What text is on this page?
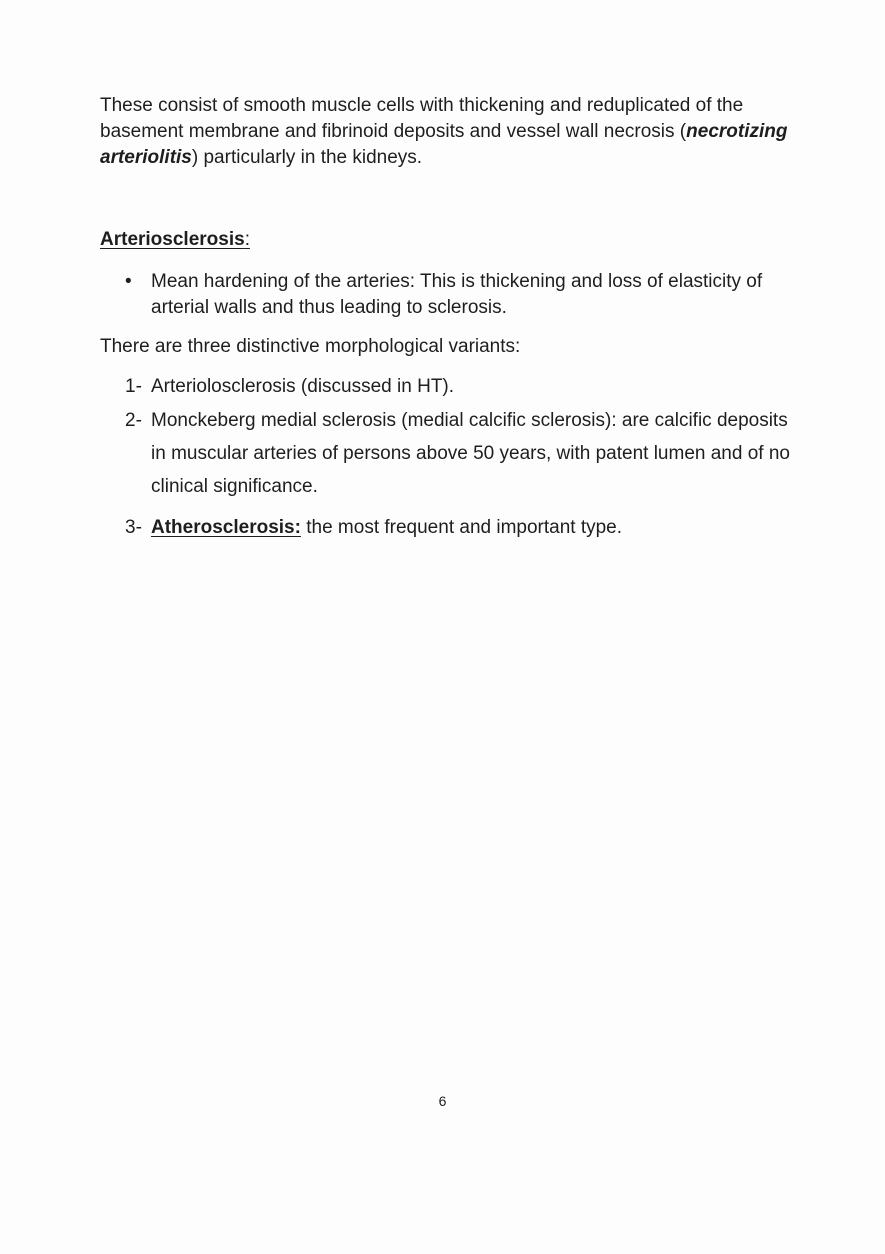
These consist of smooth muscle cells with thickening and reduplicated of the basement membrane and fibrinoid deposits and vessel wall necrosis (necrotizing arteriolitis) particularly in the kidneys.

Arteriosclerosis:
• Mean hardening of the arteries: This is thickening and loss of elasticity of arterial walls and thus leading to sclerosis.

There are three distinctive morphological variants:

1- Arteriolosclerosis (discussed in HT).
2- Monckeberg medial sclerosis (medial calcific sclerosis): are calcific deposits in muscular arteries of persons above 50 years, with patent lumen and of no clinical significance.
3- Atherosclerosis: the most frequent and important type.

6
